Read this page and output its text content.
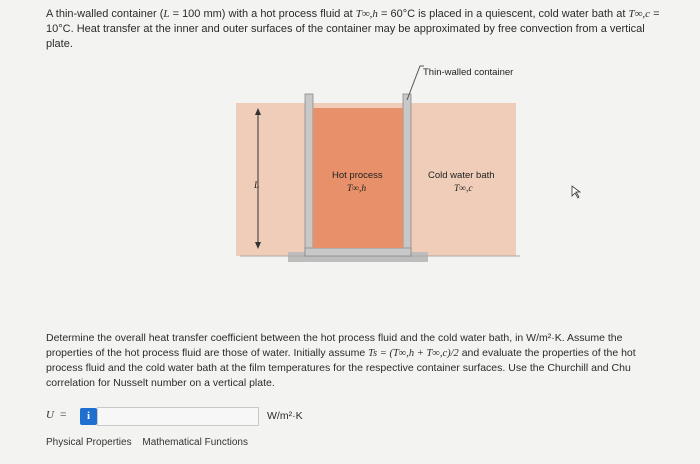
A thin-walled container (L = 100 mm) with a hot process fluid at T∞,h = 60°C is placed in a quiescent, cold water bath at T∞,c = 10°C. Heat transfer at the inner and outer surfaces of the container may be approximated by free convection from a vertical plate.
L
Thin-walled container
Hot process
T∞,h
Cold water bath
T∞,c
Determine the overall heat transfer coefficient between the hot process fluid and the cold water bath, in W/m²·K. Assume the properties of the hot process fluid are those of water. Initially assume Ts = (T∞,h + T∞,c)/2 and evaluate the properties of the hot process fluid and the cold water bath at the film temperatures for the respective container surfaces. Use the Churchill and Chu correlation for Nusselt number on a vertical plate.
U =	i	W/m²·K
Physical Properties Mathematical Functions
